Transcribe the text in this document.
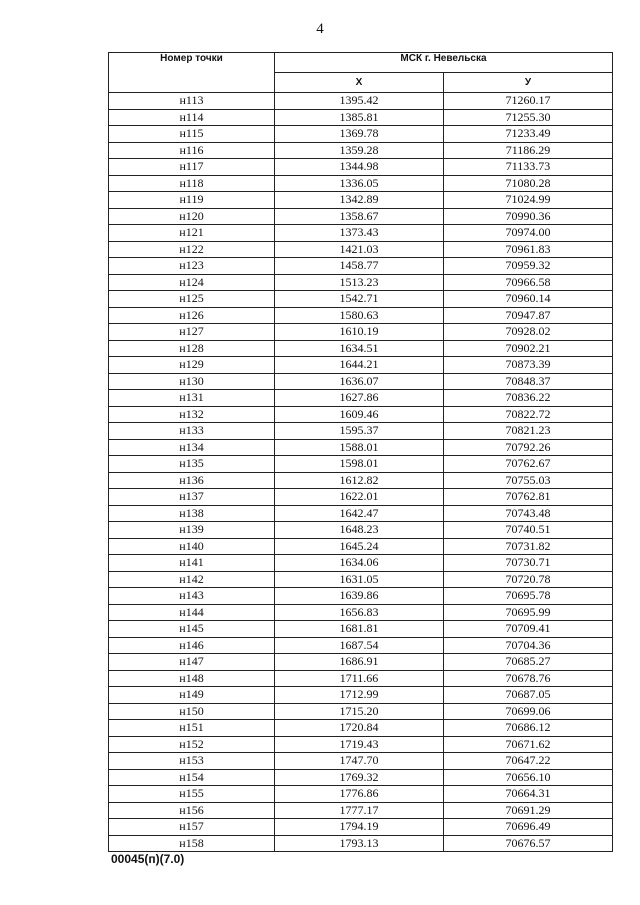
4
Номер точки	МСК г. Невельска	
	Х	У
н113	1395.42	71260.17
н114	1385.81	71255.30
н115	1369.78	71233.49
н116	1359.28	71186.29
н117	1344.98	71133.73
н118	1336.05	71080.28
н119	1342.89	71024.99
н120	1358.67	70990.36
н121	1373.43	70974.00
н122	1421.03	70961.83
н123	1458.77	70959.32
н124	1513.23	70966.58
н125	1542.71	70960.14
н126	1580.63	70947.87
н127	1610.19	70928.02
н128	1634.51	70902.21
н129	1644.21	70873.39
н130	1636.07	70848.37
н131	1627.86	70836.22
н132	1609.46	70822.72
н133	1595.37	70821.23
н134	1588.01	70792.26
н135	1598.01	70762.67
н136	1612.82	70755.03
н137	1622.01	70762.81
н138	1642.47	70743.48
н139	1648.23	70740.51
н140	1645.24	70731.82
н141	1634.06	70730.71
н142	1631.05	70720.78
н143	1639.86	70695.78
н144	1656.83	70695.99
н145	1681.81	70709.41
н146	1687.54	70704.36
н147	1686.91	70685.27
н148	1711.66	70678.76
н149	1712.99	70687.05
н150	1715.20	70699.06
н151	1720.84	70686.12
н152	1719.43	70671.62
н153	1747.70	70647.22
н154	1769.32	70656.10
н155	1776.86	70664.31
н156	1777.17	70691.29
н157	1794.19	70696.49
н158	1793.13	70676.57
00045(п)(7.0)
